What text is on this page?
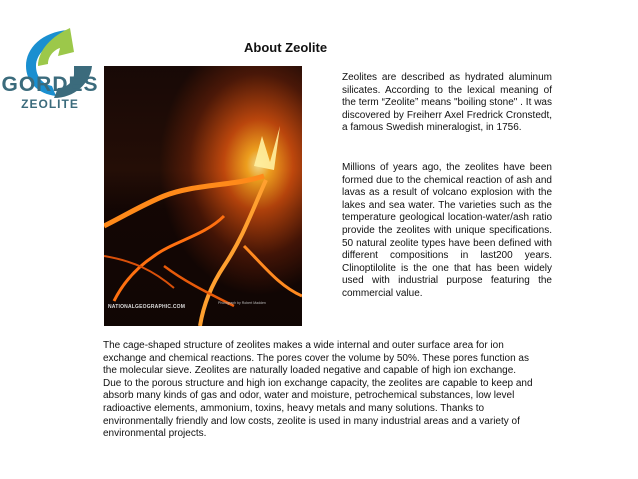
GORDES
ZEOLITE
About Zeolite
NATIONALGEOGRAPHIC.COM
Photograph by Robert Madden

Zeolites are described as hydrated aluminum silicates. According to the lexical meaning of the term “Zeolite” means "boiling stone" . It was discovered by Freiherr Axel Fredrick Cronstedt, a famous Swedish mineralogist, in 1756.

Millions of years ago, the zeolites have been formed due to the chemical reaction of ash and lavas as a result of volcano explosion with the lakes and sea water. The varieties such as the temperature geological location-water/ash ratio provide the zeolites with unique specifications. 50 natural zeolite types have been defined with different compositions in last200 years. Clinoptilolite is the one that has been widely used with industrial purpose featuring the commercial value.

The cage-shaped structure of zeolites makes a wide internal and outer surface area for ion exchange and chemical reactions. The pores cover the volume by 50%. These pores function as the molecular sieve. Zeolites are naturally loaded negative and capable of high ion exchange. Due to the porous structure and high ion exchange capacity, the zeolites are capable to keep and absorb many kinds of gas and odor, water and moisture, petrochemical substances, low level radioactive elements, ammonium, toxins, heavy metals and many solutions. Thanks to environmentally friendly and low costs, zeolite is used in many industrial areas and a variety of environmental projects.
